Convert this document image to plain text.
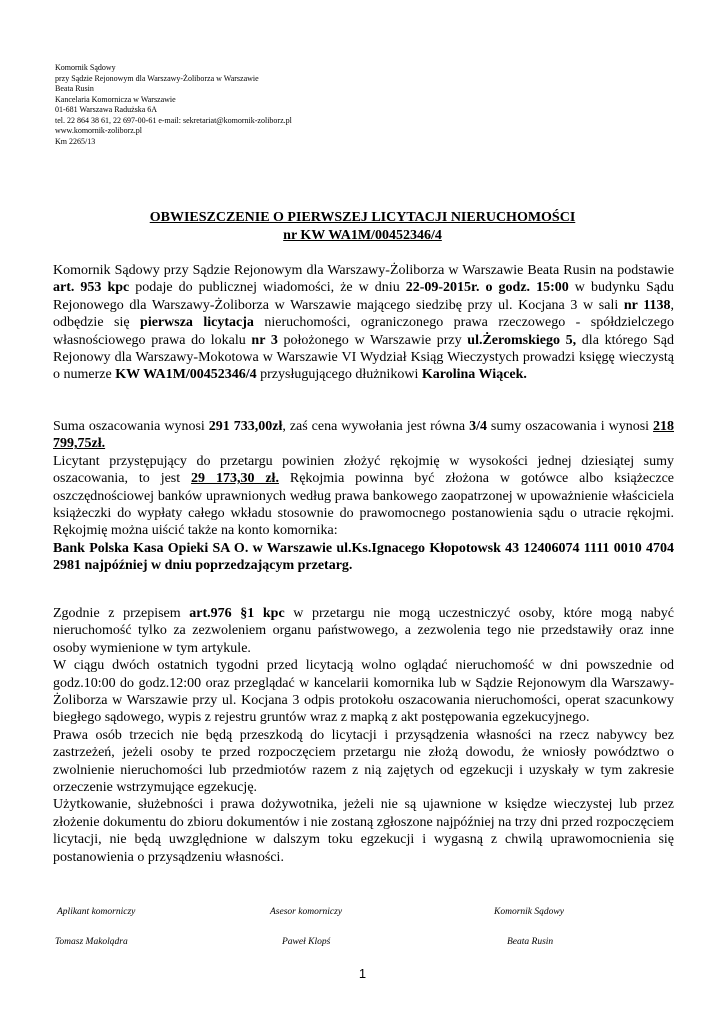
Komornik Sądowy
przy Sądzie Rejonowym dla Warszawy-Żoliborza w Warszawie
Beata Rusin
Kancelaria Komornicza w Warszawie
01-681 Warszawa Radużska 6A
tel. 22 864 38 61, 22 697-00-61 e-mail: sekretariat@komornik-zoliborz.pl
www.komornik-zoliborz.pl
Km 2265/13
OBWIESZCZENIE O PIERWSZEJ LICYTACJI NIERUCHOMOŚCI
nr KW WA1M/00452346/4

Komornik Sądowy przy Sądzie Rejonowym dla Warszawy-Żoliborza w Warszawie Beata Rusin na podstawie art. 953 kpc podaje do publicznej wiadomości, że w dniu 22-09-2015r. o godz. 15:00 w budynku Sądu Rejonowego dla Warszawy-Żoliborza w Warszawie mającego siedzibę przy ul. Kocjana 3 w sali nr 1138, odbędzie się pierwsza licytacja nieruchomości, ograniczonego prawa rzeczowego - spółdzielczego własnościowego prawa do lokalu nr 3 położonego w Warszawie przy ul.Żeromskiego 5, dla którego Sąd Rejonowy dla Warszawy-Mokotowa w Warszawie VI Wydział Ksiąg Wieczystych prowadzi księgę wieczystą o numerze KW WA1M/00452346/4 przysługującego dłużnikowi Karolina Wiącek.

Suma oszacowania wynosi 291 733,00zł, zaś cena wywołania jest równa 3/4 sumy oszacowania i wynosi 218 799,75zł.

Licytant przystępujący do przetargu powinien złożyć rękojmię w wysokości jednej dziesiątej sumy oszacowania, to jest 29 173,30 zł. Rękojmia powinna być złożona w gotówce albo książeczce oszczędnościowej banków uprawnionych według prawa bankowego zaopatrzonej w upoważnienie właściciela książeczki do wypłaty całego wkładu stosownie do prawomocnego postanowienia sądu o utracie rękojmi. Rękojmię można uiścić także na konto komornika:

Bank Polska Kasa Opieki SA O. w Warszawie ul.Ks.Ignacego Kłopotowsk 43 12406074 1111 0010 4704 2981 najpóźniej w dniu poprzedzającym przetarg.

Zgodnie z przepisem art.976 §1 kpc w przetargu nie mogą uczestniczyć osoby, które mogą nabyć nieruchomość tylko za zezwoleniem organu państwowego, a zezwolenia tego nie przedstawiły oraz inne osoby wymienione w tym artykule.

W ciągu dwóch ostatnich tygodni przed licytacją wolno oglądać nieruchomość w dni powszednie od godz.10:00 do godz.12:00 oraz przeglądać w kancelarii komornika lub w Sądzie Rejonowym dla Warszawy-Żoliborza w Warszawie przy ul. Kocjana 3 odpis protokołu oszacowania nieruchomości, operat szacunkowy biegłego sądowego, wypis z rejestru gruntów wraz z mapką z akt postępowania egzekucyjnego.

Prawa osób trzecich nie będą przeszkodą do licytacji i przysądzenia własności na rzecz nabywcy bez zastrzeżeń, jeżeli osoby te przed rozpoczęciem przetargu nie złożą dowodu, że wniosły powództwo o zwolnienie nieruchomości lub przedmiotów razem z nią zajętych od egzekucji i uzyskały w tym zakresie orzeczenie wstrzymujące egzekucję.

Użytkowanie, służebności i prawa dożywotnika, jeżeli nie są ujawnione w księdze wieczystej lub przez złożenie dokumentu do zbioru dokumentów i nie zostaną zgłoszone najpóźniej na trzy dni przed rozpoczęciem licytacji, nie będą uwzględnione w dalszym toku egzekucji i wygasną z chwilą uprawomocnienia się postanowienia o przysądzeniu własności.

Aplikant komorniczy	Asesor komorniczy	Komornik Sądowy
Tomasz Makolądra	Paweł Klopś	Beata Rusin
1
